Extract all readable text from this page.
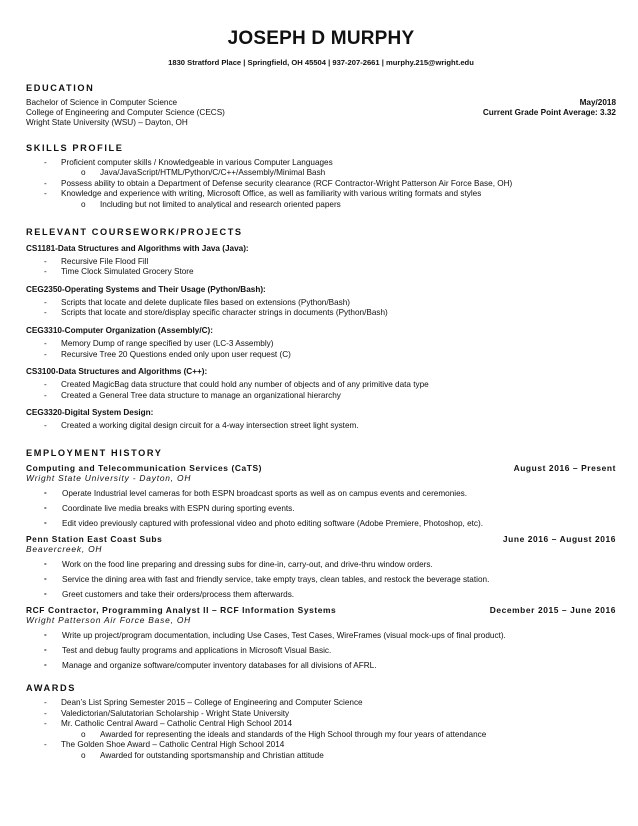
JOSEPH D MURPHY
1830 Stratford Place | Springfield, OH 45504 | 937-207-2661 | murphy.215@wright.edu
EDUCATION
Bachelor of Science in Computer Science	May/2018
College of Engineering and Computer Science (CECS)	Current Grade Point Average: 3.32
Wright State University (WSU) – Dayton, OH
SKILLS PROFILE
- Proficient computer skills / Knowledgeable in various Computer Languages
o Java/JavaScript/HTML/Python/C/C++/Assembly/Minimal Bash
- Possess ability to obtain a Department of Defense security clearance (RCF Contractor-Wright Patterson Air Force Base, OH)
- Knowledge and experience with writing, Microsoft Office, as well as familiarity with various writing formats and styles
o Including but not limited to analytical and research oriented papers
RELEVANT COURSEWORK/PROJECTS
CS1181-Data Structures and Algorithms with Java (Java):
- Recursive File Flood Fill
- Time Clock Simulated Grocery Store
CEG2350-Operating Systems and Their Usage (Python/Bash):
- Scripts that locate and delete duplicate files based on extensions (Python/Bash)
- Scripts that locate and store/display specific character strings in documents (Python/Bash)
CEG3310-Computer Organization (Assembly/C):
- Memory Dump of range specified by user (LC-3 Assembly)
- Recursive Tree 20 Questions ended only upon user request (C)
CS3100-Data Structures and Algorithms (C++):
- Created MagicBag data structure that could hold any number of objects and of any primitive data type
- Created a General Tree data structure to manage an organizational hierarchy
CEG3320-Digital System Design:
- Created a working digital design circuit for a 4-way intersection street light system.
EMPLOYMENT HISTORY
Computing and Telecommunication Services (CaTS)	August 2016 – Present
Wright State University - Dayton, OH
- Operate Industrial level cameras for both ESPN broadcast sports as well as on campus events and ceremonies.
- Coordinate live media breaks with ESPN during sporting events.
- Edit video previously captured with professional video and photo editing software (Adobe Premiere, Photoshop, etc).
Penn Station East Coast Subs	June 2016 – August 2016
Beavercreek, OH
- Work on the food line preparing and dressing subs for dine-in, carry-out, and drive-thru window orders.
- Service the dining area with fast and friendly service, take empty trays, clean tables, and restock the beverage station.
- Greet customers and take their orders/process them afterwards.
RCF Contractor, Programming Analyst II – RCF Information Systems	December 2015 – June 2016
Wright Patterson Air Force Base, OH
- Write up project/program documentation, including Use Cases, Test Cases, WireFrames (visual mock-ups of final product).
- Test and debug faulty programs and applications in Microsoft Visual Basic.
- Manage and organize software/computer inventory databases for all divisions of AFRL.
AWARDS
- Dean’s List Spring Semester 2015 – College of Engineering and Computer Science
- Valedictorian/Salutatorian Scholarship - Wright State University
- Mr. Catholic Central Award – Catholic Central High School 2014
o Awarded for representing the ideals and standards of the High School through my four years of attendance
- The Golden Shoe Award – Catholic Central High School 2014
o Awarded for outstanding sportsmanship and Christian attitude
